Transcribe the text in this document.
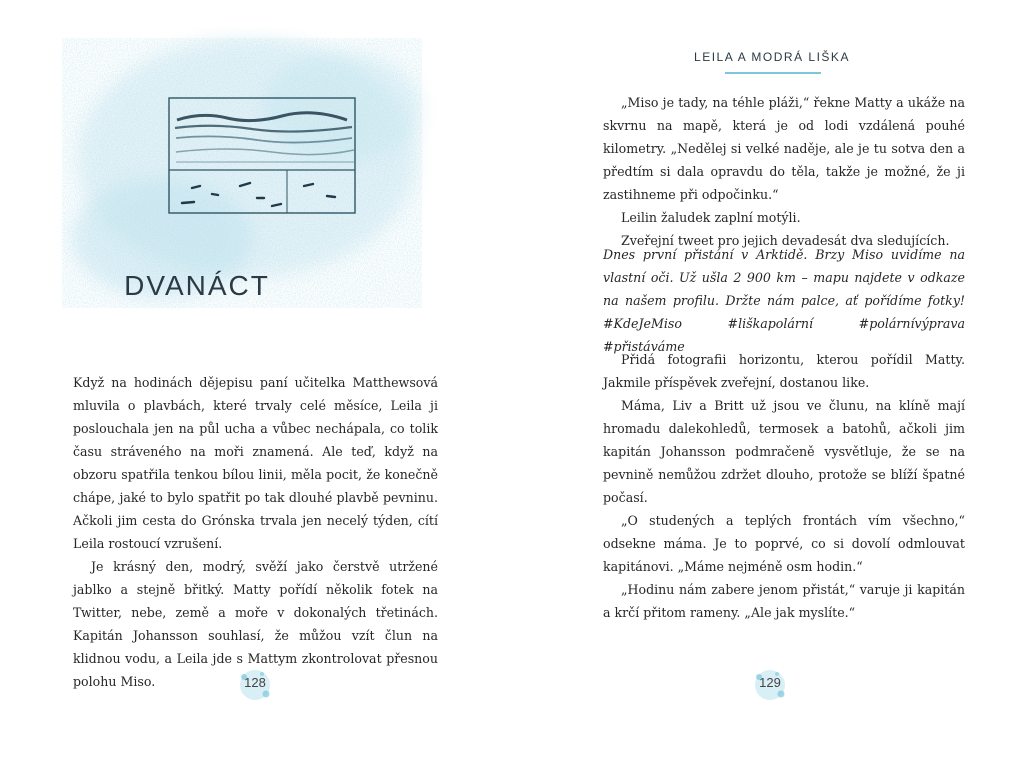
DVANÁCT

Když na hodinách dějepisu paní učitelka Matthewsová mluvila o plavbách, které trvaly celé měsíce, Leila ji poslouchala jen na půl ucha a vůbec nechápala, co tolik času stráveného na moři znamená. Ale teď, když na obzoru spatřila tenkou bílou linii, měla pocit, že konečně chápe, jaké to bylo spatřit po tak dlouhé plavbě pevninu. Ačkoli jim cesta do Grónska trvala jen necelý týden, cítí Leila rostoucí vzrušení.

Je krásný den, modrý, svěží jako čerstvě utržené jablko a stejně břitký. Matty pořídí několik fotek na Twitter, nebe, země a moře v dokonalých třetinách. Kapitán Johansson souhlasí, že můžou vzít člun na klidnou vodu, a Leila jde s Mattym zkontrolovat přesnou polohu Miso.	128
LEILA A MODRÁ LIŠKA

„Miso je tady, na téhle pláži,“ řekne Matty a ukáže na skvrnu na mapě, která je od lodi vzdálená pouhé kilometry. „Nedělej si velké naděje, ale je tu sotva den a předtím si dala opravdu do těla, takže je možné, že ji zastihneme při odpočinku.“

Leilin žaludek zaplní motýli.

Zveřejní tweet pro jejich devadesát dva sledujících.

Dnes první přistání v Arktidě. Brzy Miso uvidíme na vlastní oči. Už ušla 2 900 km – mapu najdete v odkaze na našem profilu. Držte nám palce, ať pořídíme fotky! #KdeJeMiso #liškapolární #polárnívýprava #přistáváme

Přidá fotografii horizontu, kterou pořídil Matty. Jakmile příspěvek zveřejní, dostanou like.

Máma, Liv a Britt už jsou ve člunu, na klíně mají hromadu dalekohledů, termosek a batohů, ačkoli jim kapitán Johansson podmračeně vysvětluje, že se na pevnině nemůžou zdržet dlouho, protože se blíží špatné počasí.

„O studených a teplých frontách vím všechno,“ odsekne máma. Je to poprvé, co si dovolí odmlouvat kapitánovi. „Máme nejméně osm hodin.“

„Hodinu nám zabere jenom přistát,“ varuje ji kapitán a krčí přitom rameny. „Ale jak myslíte.“

129
